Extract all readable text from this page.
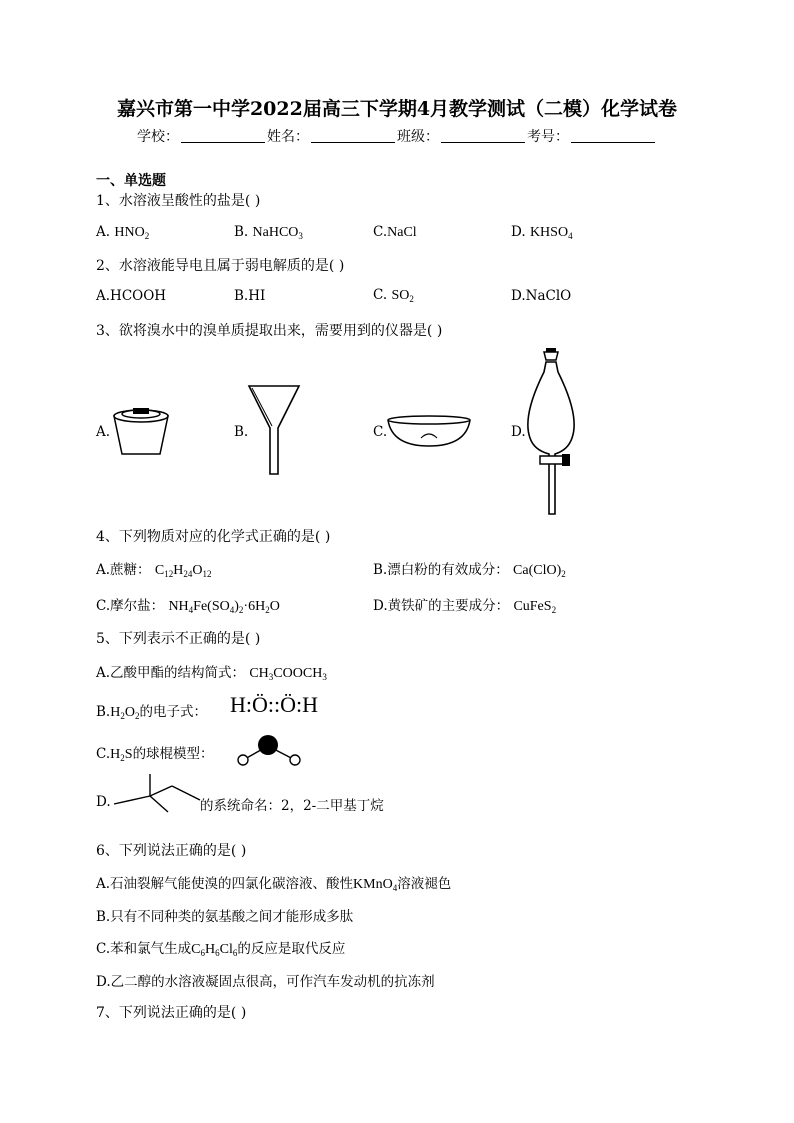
嘉兴市第一中学2022届高三下学期4月教学测试（二模）化学试卷
学校：	姓名：	班级：	考号：
一、单选题
1、水溶液呈酸性的盐是( )
A. $HNO_2$	B. NaHCO$_3$	C.NaCl	D. $KHSO_4$
2、水溶液能导电且属于弱电解质的是( )
A.HCOOH	B.HI	C. $SO_2$	D.NaClO
3、欲将溴水中的溴单质提取出来，需要用到的仪器是( )
A.	B.	C.	D.
4、下列物质对应的化学式正确的是( )
A.蔗糖： $C_{12}H_{24}O_{12}$	B.漂白粉的有效成分： $Ca(ClO)_2$
C.摩尔盐： $NH_4Fe(SO_4)_2\cdot 6H_2O$	D.黄铁矿的主要成分： CuFeS$_2$
5、下列表示不正确的是( )
A.乙酸甲酯的结构简式： $CH_3COOCH_3$
$B.H_2O_2$的电子式： H:Ö::Ö:H
$C.H_2S$的球棍模型：
D.	的系统命名：2，2-二甲基丁烷
6、下列说法正确的是( )
A.石油裂解气能使溴的四氯化碳溶液、酸性KMnO$_4$溶液褪色
B.只有不同种类的氨基酸之间才能形成多肽
C.苯和氯气生成$C_6H_6Cl_6$的反应是取代反应
D.乙二醇的水溶液凝固点很高，可作汽车发动机的抗冻剂
7、下列说法正确的是( )
